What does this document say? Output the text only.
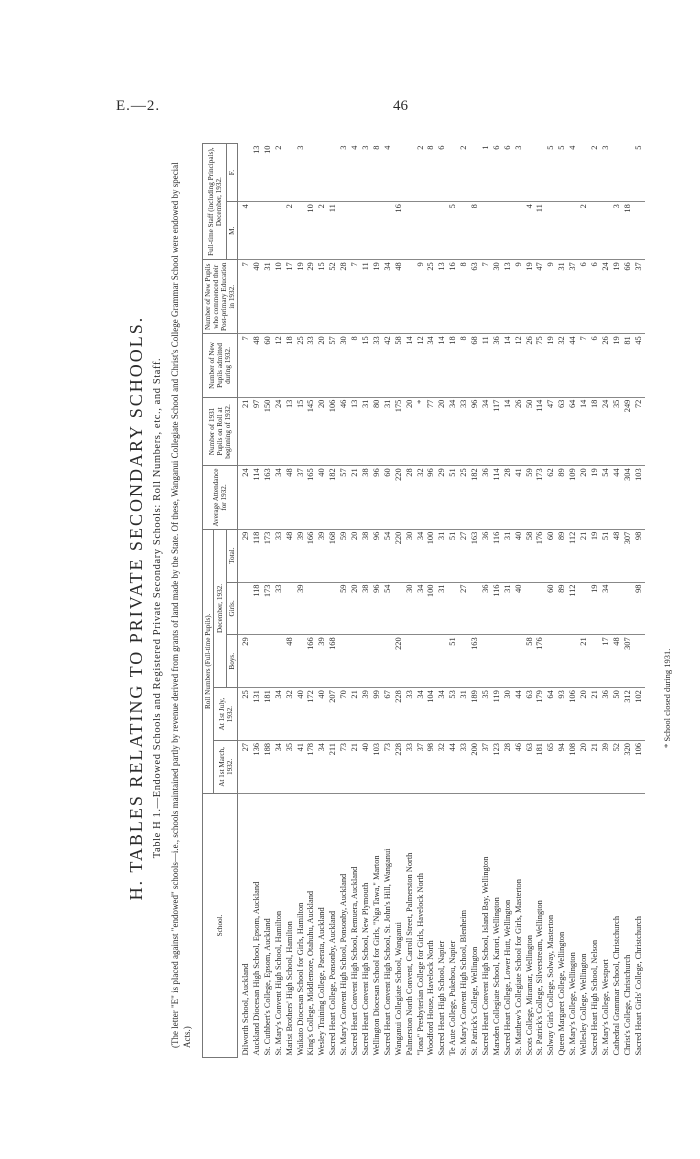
E.—2.	46
H. TABLES RELATING TO PRIVATE SECONDARY SCHOOLS. Table H 1.—Endowed Schools and Registered Private Secondary Schools: Roll Numbers, etc., and Staff. (The letter "E" is placed against "endowed" schools—i.e., schools maintained partly by revenue derived from grants of land made by the State. Of these, Wanganui Collegiate School and Christ's College Grammar School were endowed by special Acts.)
School.	Roll Numbers (Full-time Pupils).					Average Attendance for 1932.	Number of 1931 Pupils on Roll at beginning of 1932.	Number of New Pupils admitted during 1932.	Number of New Pupils who commenced their Post-primary Education in 1932.	Full-time Staff (including Principals), December, 1932.	
	At 1st March, 1932.	At 1st July, 1932.	December, 1932.								
			Boys.	Girls.	Total.					M.	F.
Dilworth School, Auckland	27	25	29		29	24	21	7	7	4	
Auckland Diocesan High School, Epsom, Auckland	136	131		118	118	114	97	48	40		13
St. Cuthbert's College, Epsom, Auckland	188	181		173	173	163	150	60	31		10
St. Mary's Convent High School, Hamilton	34	34		33	33	34	24	12	10		2
Marist Brothers' High School, Hamilton	35	32	48		48	48	13	18	17	2	
Waikato Diocesan School for Girls, Hamilton	41	40		39	39	37	15	25	19		3
King's College, Middlemore, Otahuhu, Auckland	178	172	166		166	165	145	33	29	10	
Wesley Training College, Paerata, Auckland	34	40	39		39	40	20	20	15	2	
Sacred Heart College, Ponsonby, Auckland	211	207	168		168	182	106	57	52	11	
St. Mary's Convent High School, Ponsonby, Auckland	73	70		59	59	57	46	30	28		3
Sacred Heart Convent High School, Remuera, Auckland	21	21		20	20	21	13	8	7		4
Sacred Heart Convent High School, New Plymouth	40	39		38	38	38	31	15	11		3
Wellington Diocesan School for Girls, "Nga Tawa," Marton	103	99		96	96	96	80	33	19		8
Sacred Heart Convent High School, St. John's Hill, Wanganui	73	67		54	54	60	31	42	34		4
Wanganui Collegiate School, Wanganui	228	228	220		220	220	175	58	48	16	
Palmerston North Convent, Carroll Street, Palmerston North	33	33		30	30	28	20	14			
"Iona" Presbyterian College for Girls, Havelock North	37	34		34	34	32	*	12	9		2
Woodford House, Havelock North	98	104		100	100	96	77	34	25		8
Sacred Heart High School, Napier	32	34		31	31	29	20	14	13		6
Te Aute College, Pukehou, Napier	44	53	51		51	51	34	18	16	5	
St. Mary's Convent High School, Blenheim	33	31		27	27	25	33	8	8		2
St. Patrick's College, Wellington	200	189	163		163	182	96	68	63	8	
Sacred Heart Convent High School, Island Bay, Wellington	37	35		36	36	36	34	11	7		1
Marsden Collegiate School, Karori, Wellington	123	119		116	116	114	117	36	30		6
Sacred Heart College, Lower Hutt, Wellington	28	30		31	31	28	14	14	13		6
St. Matthew's Collegiate School for Girls, Masterton	46	44		40	40	41	26	12	9		3
Scots College, Miramar, Wellington	63	63	58		58	59	50	26	19	4	
St. Patrick's College, Silverstream, Wellington	181	179	176		176	173	114	75	47	11	
Solway Girls' College, Solway, Masterton	65	64		60	60	62	47	19	9		5
Queen Margaret College, Wellington	94	93		89	89	89	63	32	31		5
St. Mary's College, Wellington	108	106		112	112	109	64	44	37		4
Wellesley College, Wellington	20	20	21		21	20	14	7	6	2	
Sacred Heart High School, Nelson	21	21		19	19	19	18	6	6		2
St. Mary's College, Westport	39	36	17	34	51	54	24	26	24		3
Cathedral Grammar School, Christchurch	52	50	48		48	44	35	19	19	3	
Christ's College, Christchurch	320	312	307		307	304	249	81	66	18	
Sacred Heart Girls' College, Christchurch	106	102		98	98	103	72	45	37		5
* School closed during 1931.
